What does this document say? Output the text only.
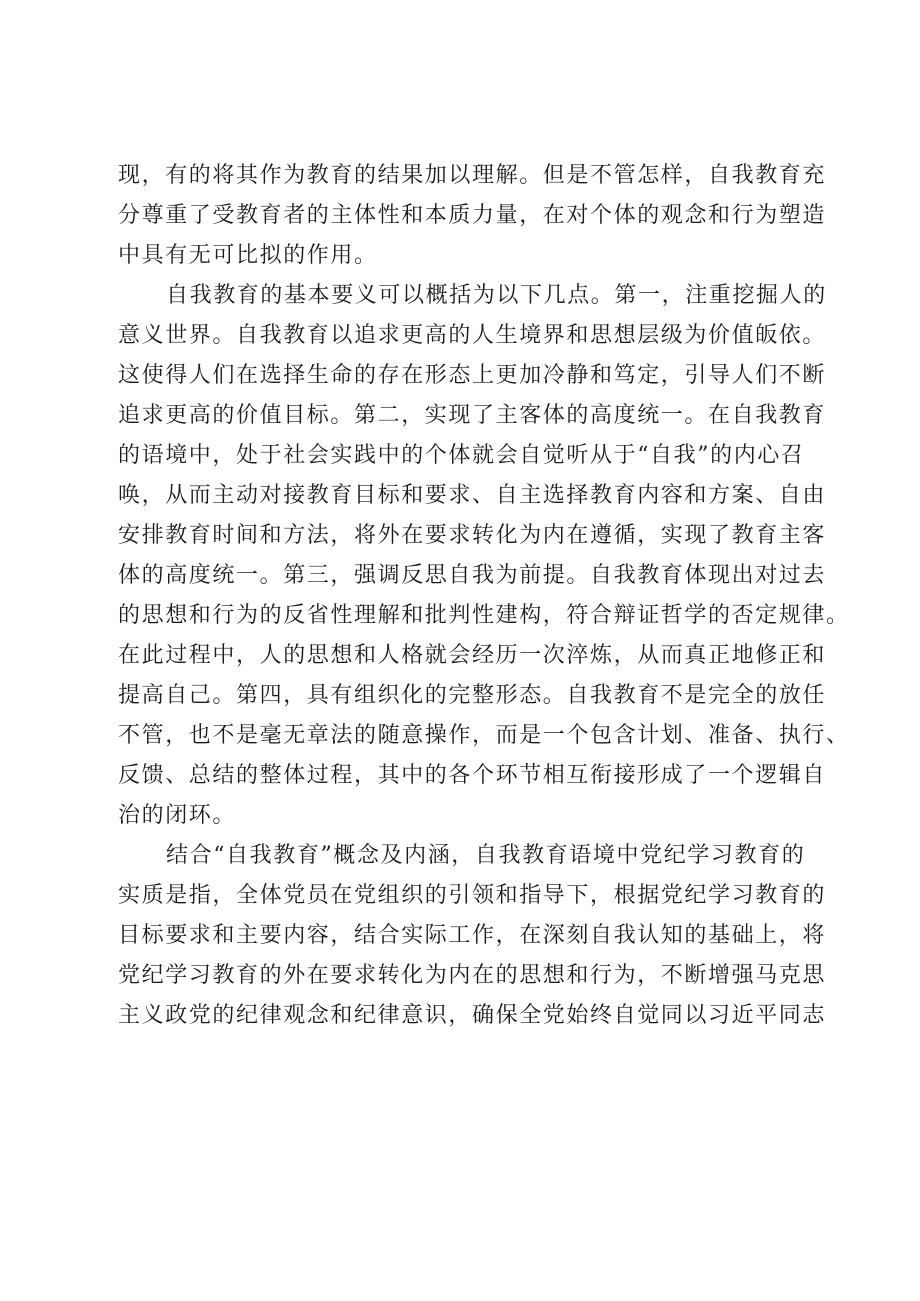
现，有的将其作为教育的结果加以理解。但是不管怎样，自我教育充

分尊重了受教育者的主体性和本质力量，在对个体的观念和行为塑造

中具有无可比拟的作用。

自我教育的基本要义可以概括为以下几点。第一，注重挖掘人的

意义世界。自我教育以追求更高的人生境界和思想层级为价值皈依。

这使得人们在选择生命的存在形态上更加冷静和笃定，引导人们不断

追求更高的价值目标。第二，实现了主客体的高度统一。在自我教育

的语境中，处于社会实践中的个体就会自觉听从于“自我”的内心召

唤，从而主动对接教育目标和要求、自主选择教育内容和方案、自由

安排教育时间和方法，将外在要求转化为内在遵循，实现了教育主客

体的高度统一。第三，强调反思自我为前提。自我教育体现出对过去

的思想和行为的反省性理解和批判性建构，符合辩证哲学的否定规律。

在此过程中，人的思想和人格就会经历一次淬炼，从而真正地修正和

提高自己。第四，具有组织化的完整形态。自我教育不是完全的放任

不管，也不是毫无章法的随意操作，而是一个包含计划、准备、执行、

反馈、总结的整体过程，其中的各个环节相互衔接形成了一个逻辑自

治的闭环。

结合“自我教育”概念及内涵，自我教育语境中党纪学习教育的

实质是指，全体党员在党组织的引领和指导下，根据党纪学习教育的

目标要求和主要内容，结合实际工作，在深刻自我认知的基础上，将

党纪学习教育的外在要求转化为内在的思想和行为，不断增强马克思

主义政党的纪律观念和纪律意识，确保全党始终自觉同以习近平同志
